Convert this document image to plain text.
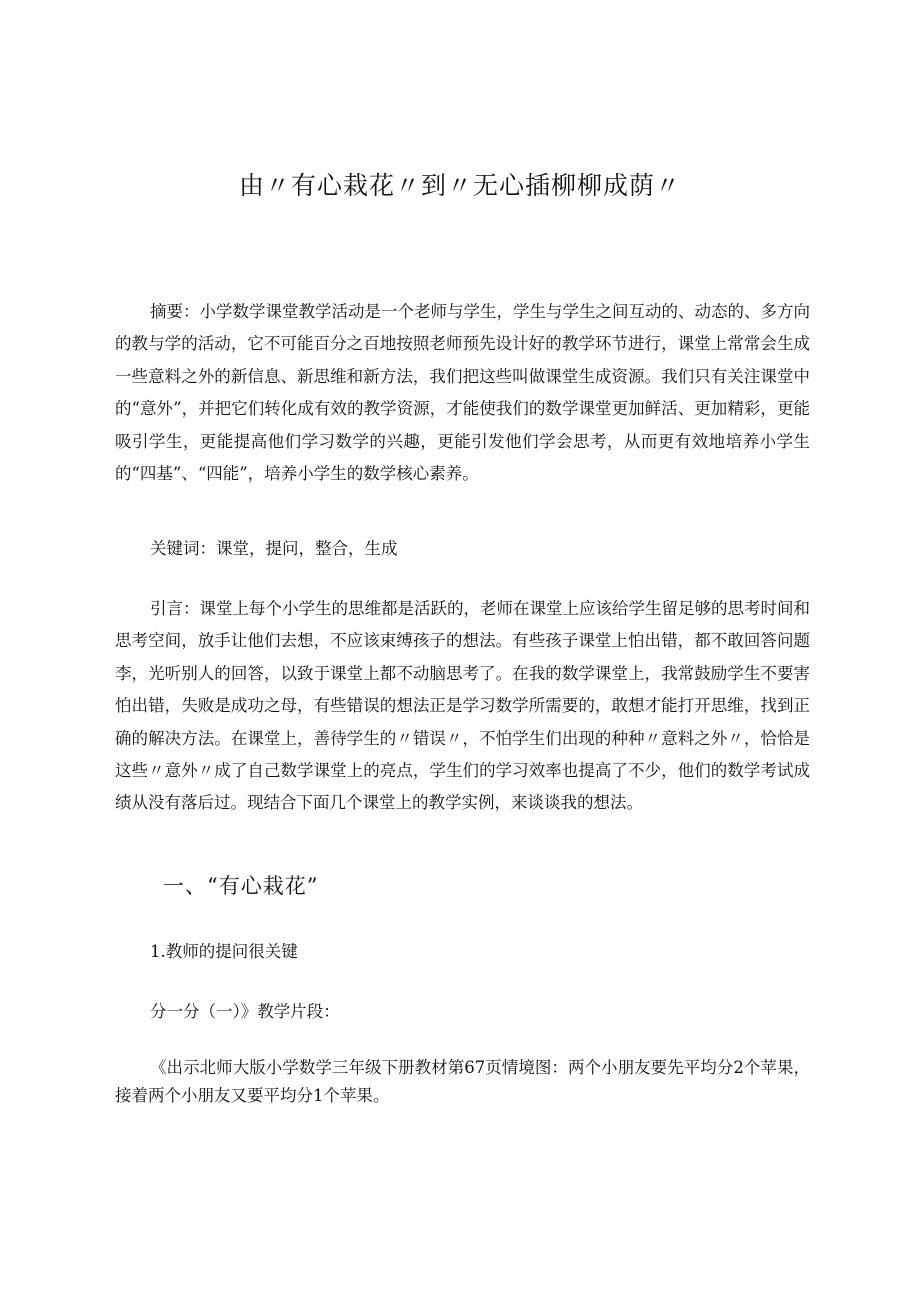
由〃有心栽花〃到〃无心插柳柳成荫〃

摘要：小学数学课堂教学活动是一个老师与学生，学生与学生之间互动的、动态的、多方向的教与学的活动，它不可能百分之百地按照老师预先设计好的教学环节进行，课堂上常常会生成一些意料之外的新信息、新思维和新方法，我们把这些叫做课堂生成资源。我们只有关注课堂中的“意外”，并把它们转化成有效的教学资源，才能使我们的数学课堂更加鲜活、更加精彩，更能吸引学生，更能提高他们学习数学的兴趣，更能引发他们学会思考，从而更有效地培养小学生的“四基”、“四能”，培养小学生的数学核心素养。

关键词：课堂，提问，整合，生成

引言：课堂上每个小学生的思维都是活跃的，老师在课堂上应该给学生留足够的思考时间和思考空间，放手让他们去想，不应该束缚孩子的想法。有些孩子课堂上怕出错，都不敢回答问题李，光听别人的回答，以致于课堂上都不动脑思考了。在我的数学课堂上，我常鼓励学生不要害怕出错，失败是成功之母，有些错误的想法正是学习数学所需要的，敢想才能打开思维，找到正确的解决方法。在课堂上，善待学生的〃错误〃，不怕学生们出现的种种〃意料之外〃，恰恰是这些〃意外〃成了自己数学课堂上的亮点，学生们的学习效率也提高了不少，他们的数学考试成绩从没有落后过。现结合下面几个课堂上的教学实例，来谈谈我的想法。

一、“有心栽花”

1.教师的提问很关键

分一分（一）》教学片段：

《出示北师大版小学数学三年级下册教材第67页情境图：两个小朋友要先平均分2个苹果，接着两个小朋友又要平均分1个苹果。
